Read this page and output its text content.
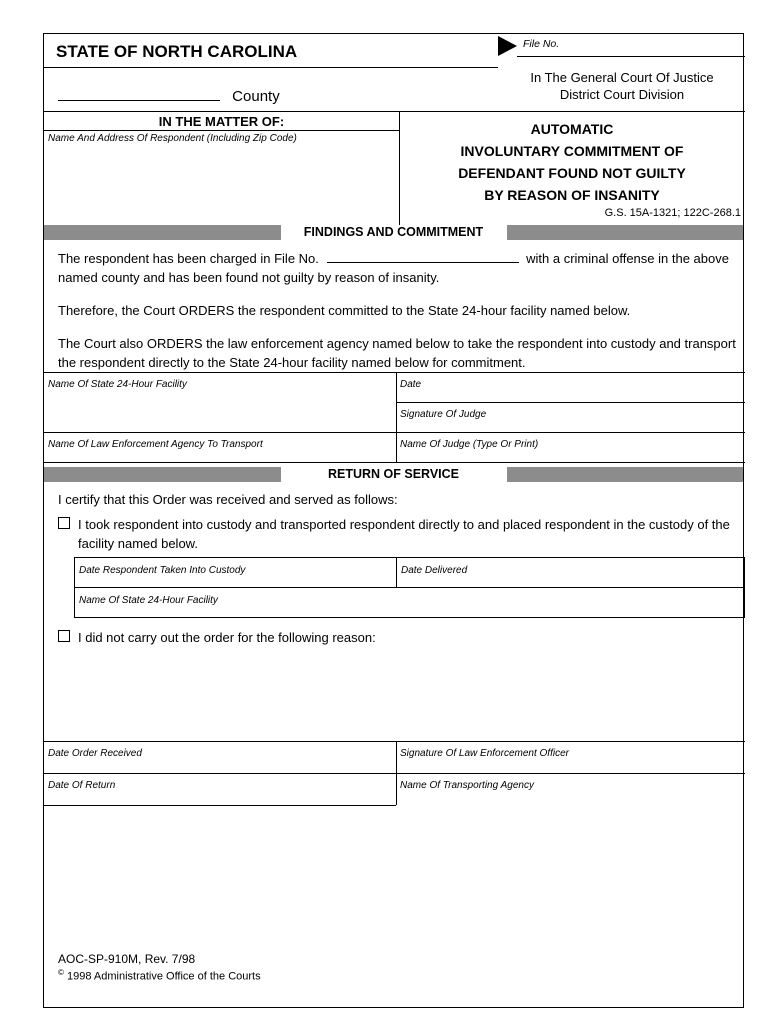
STATE OF NORTH CAROLINA	File No.
County
In The General Court Of Justice
District Court Division
IN THE MATTER OF:
Name And Address Of Respondent (Including Zip Code)
AUTOMATIC
INVOLUNTARY COMMITMENT OF
DEFENDANT FOUND NOT GUILTY
BY REASON OF INSANITY
G.S. 15A-1321; 122C-268.1
FINDINGS AND COMMITMENT

The respondent has been charged in File No.	with a criminal offense in the above named county and has been found not guilty by reason of insanity.

Therefore, the Court ORDERS the respondent committed to the State 24-hour facility named below.

The Court also ORDERS the law enforcement agency named below to take the respondent into custody and transport the respondent directly to the State 24-hour facility named below for commitment.

Name Of State 24-Hour Facility	Date
Signature Of Judge
Name Of Law Enforcement Agency To Transport	Name Of Judge (Type Or Print)
RETURN OF SERVICE
I certify that this Order was received and served as follows:
I took respondent into custody and transported respondent directly to and placed respondent in the custody of the facility named below.
Date Respondent Taken Into Custody	Date Delivered
Name Of State 24-Hour Facility
I did not carry out the order for the following reason:
Date Order Received	Signature Of Law Enforcement Officer
Date Of Return	Name Of Transporting Agency
AOC-SP-910M, Rev. 7/98
© 1998 Administrative Office of the Courts
